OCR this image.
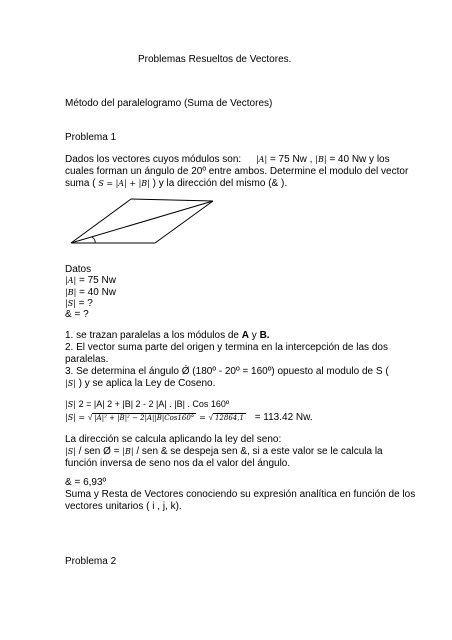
Problemas Resueltos de Vectores.
Método del paralelogramo (Suma de Vectores)
Problema 1
Dados los vectores cuyos módulos son: |A| = 75 Nw , |B| = 40 Nw y los
cuales forman un ángulo de 20º entre ambos. Determine el modulo del vector
suma ( S = |A| + |B| ) y la dirección del mismo (& ).
Datos
|A| = 75 Nw
|B| = 40 Nw
|S| = ?
& = ?
1. se trazan paralelas a los módulos de A y B.
2. El vector suma parte del origen y termina en la intercepción de las dos
paralelas.
3. Se determina el ángulo Ǿ (180º - 20º = 160º) opuesto al modulo de S (
|S| ) y se aplica la Ley de Coseno.
|S| 2 = |A| 2 + |B| 2 - 2 |A| . |B| . Cos 160º
|S| = √ |A|² + |B|² − 2|A||B|Cos160° = √ 12864,1 = 113.42 Nw.
La dirección se calcula aplicando la ley del seno:
|S| / sen Ø = |B| / sen & se despeja sen &, si a este valor se le calcula la
función inversa de seno nos da el valor del ángulo.
& = 6,93º
Suma y Resta de Vectores conociendo su expresión analítica en función de los
vectores unitarios ( i , j, k).
Problema 2
